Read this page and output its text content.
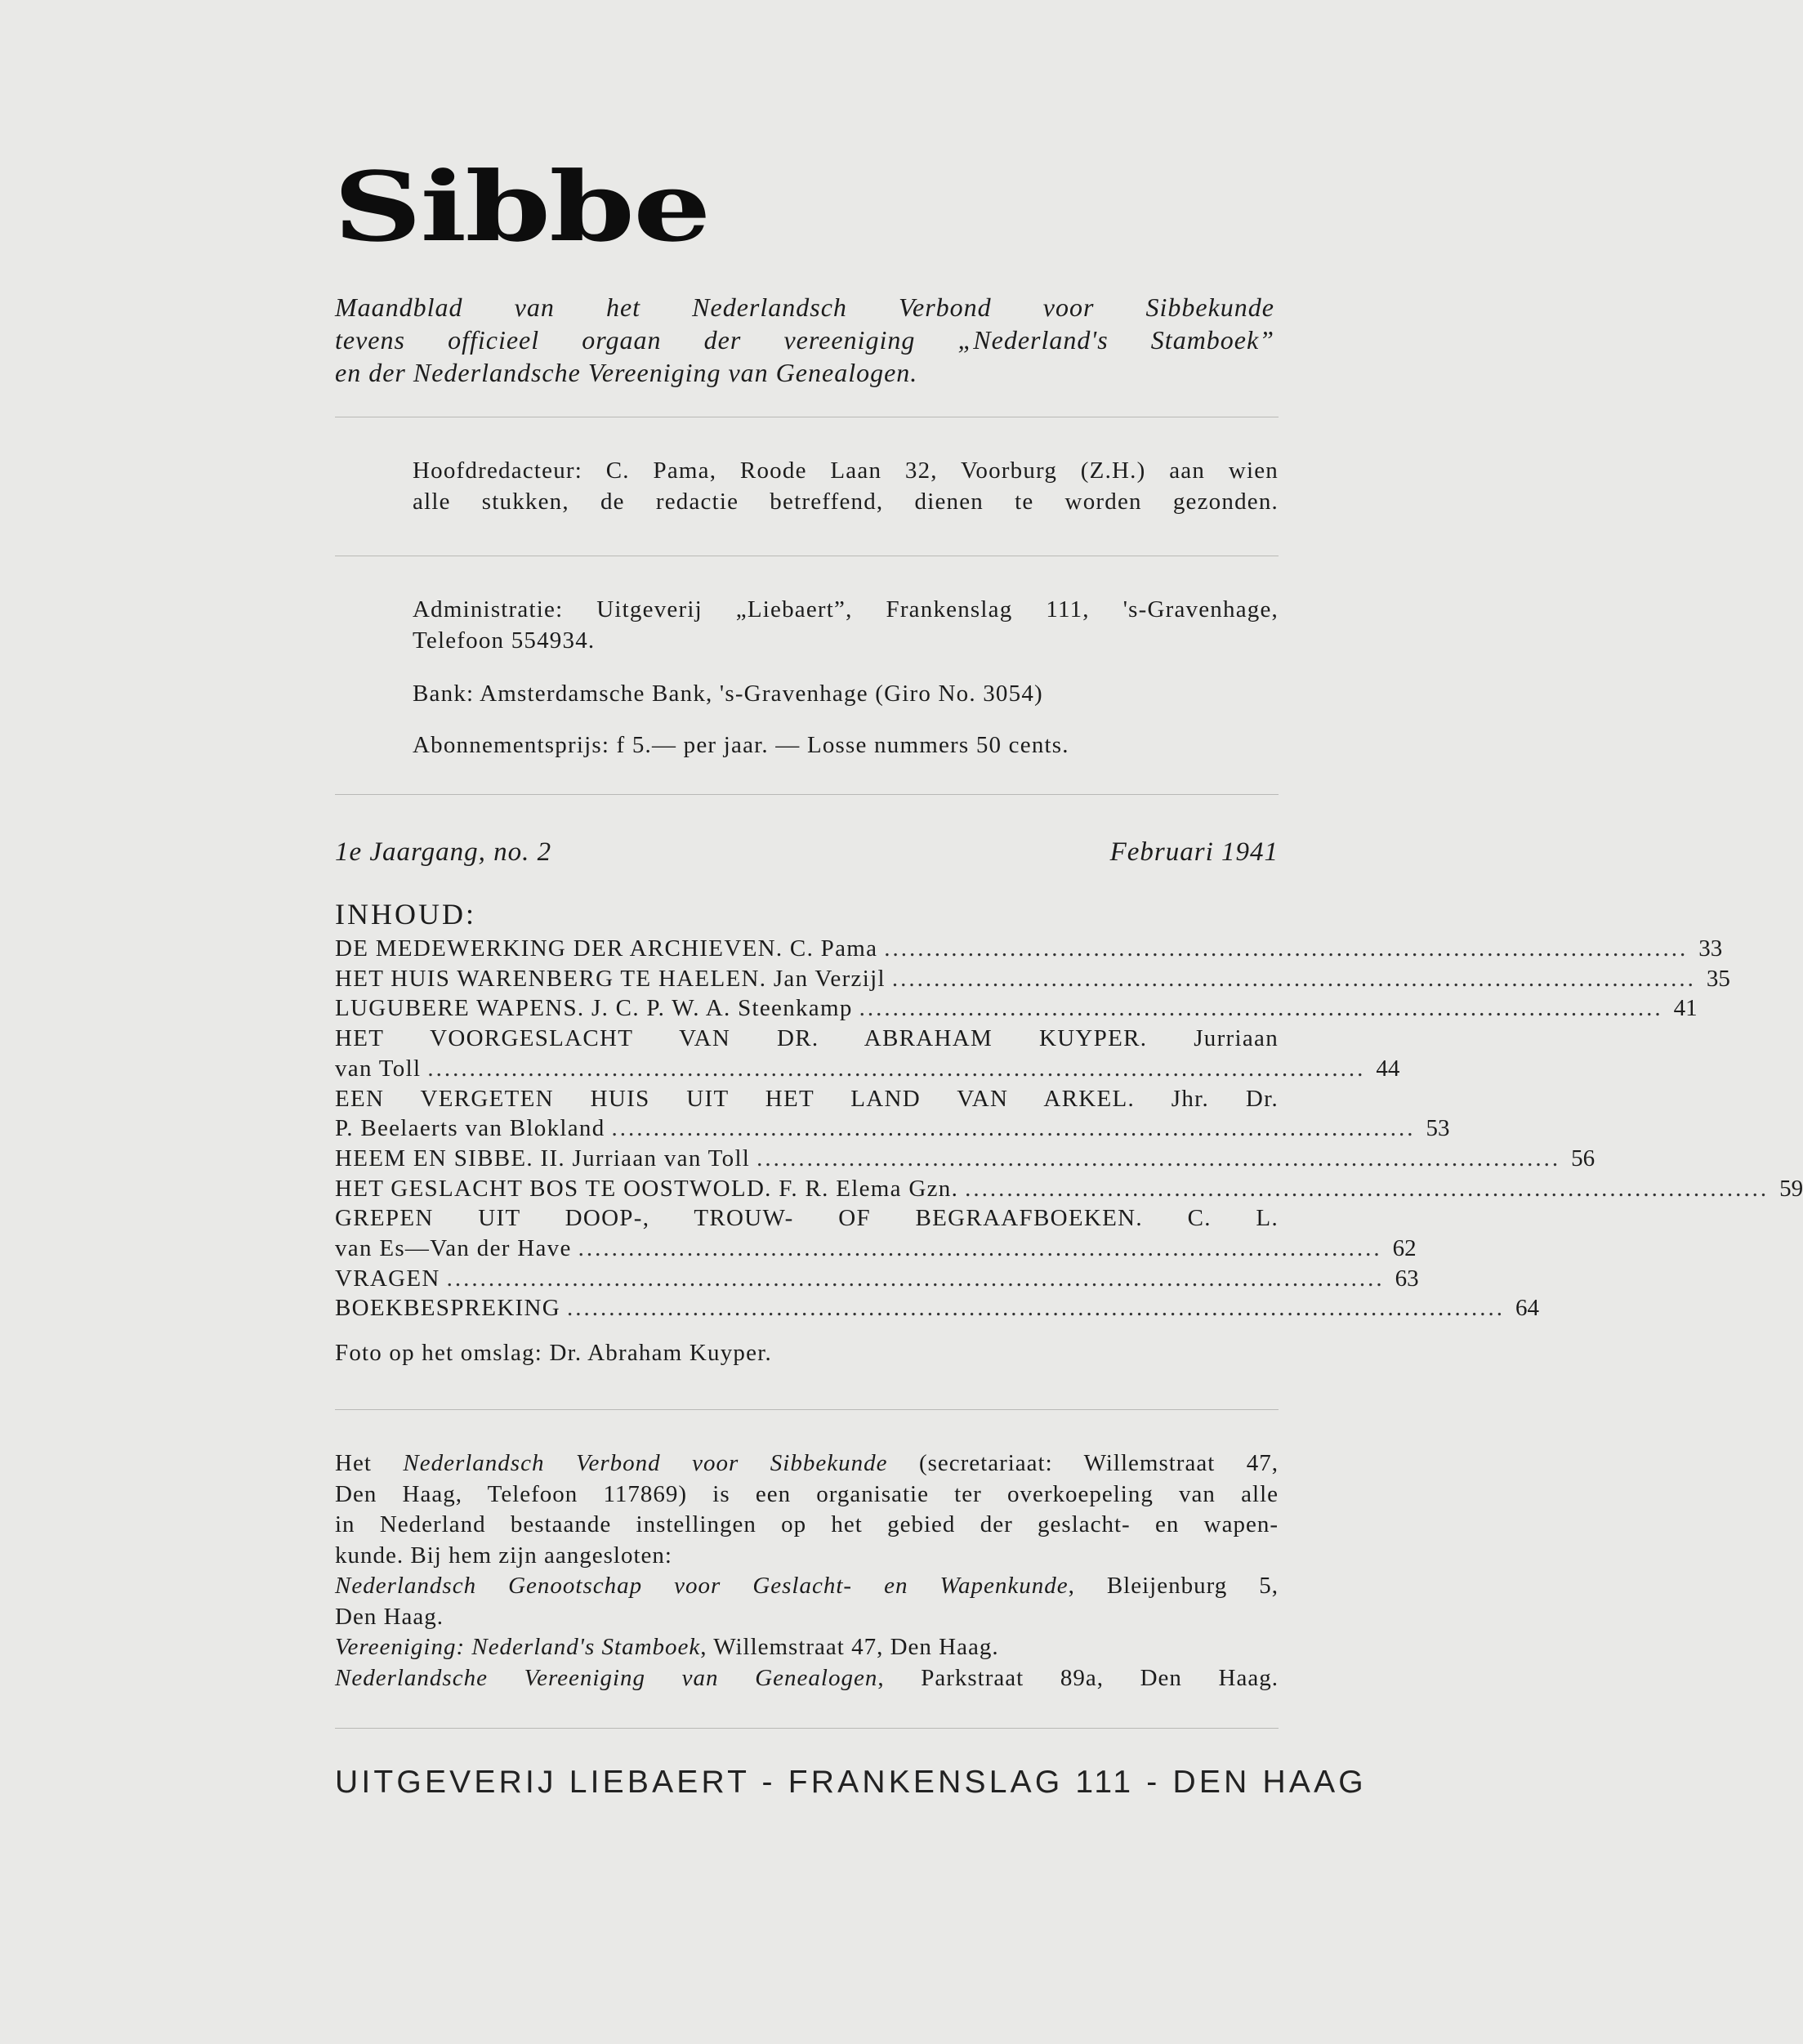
Sibbe
Maandblad van het Nederlandsch Verbond voor Sibbekunde
tevens officieel orgaan der vereeniging „Nederland's Stamboek”
en der Nederlandsche Vereeniging van Genealogen.
Hoofdredacteur: C. Pama, Roode Laan 32, Voorburg (Z.H.) aan wien
alle stukken, de redactie betreffend, dienen te worden gezonden.
Administratie: Uitgeverij „Liebaert”, Frankenslag 111, 's-Gravenhage,
Telefoon 554934.
Bank: Amsterdamsche Bank, 's-Gravenhage (Giro No. 3054)
Abonnementsprijs: f 5.— per jaar. — Losse nummers 50 cents.
1e Jaargang, no. 2	Februari 1941
INHOUD:
DE MEDEWERKING DER ARCHIEVEN. C. Pama ................................................................................................ 33
HET HUIS WARENBERG TE HAELEN. Jan Verzijl ................................................................................................ 35
LUGUBERE WAPENS. J. C. P. W. A. Steenkamp ................................................................................................ 41
HET VOORGESLACHT VAN DR. ABRAHAM KUYPER. Jurriaan
van Toll ................................................................................................................ 44
EEN VERGETEN HUIS UIT HET LAND VAN ARKEL. Jhr. Dr.
P. Beelaerts van Blokland ................................................................................................ 53
HEEM EN SIBBE. II. Jurriaan van Toll ................................................................................................ 56
HET GESLACHT BOS TE OOSTWOLD. F. R. Elema Gzn. ................................................................................................ 59
GREPEN UIT DOOP-, TROUW- OF BEGRAAFBOEKEN. C. L.
van Es—Van der Have ................................................................................................ 62
VRAGEN ................................................................................................................ 63
BOEKBESPREKING ................................................................................................................ 64
Foto op het omslag: Dr. Abraham Kuyper.
Het Nederlandsch Verbond voor Sibbekunde (secretariaat: Willemstraat 47,
Den Haag, Telefoon 117869) is een organisatie ter overkoepeling van alle
in Nederland bestaande instellingen op het gebied der geslacht- en wapen-
kunde. Bij hem zijn aangesloten:
Nederlandsch Genootschap voor Geslacht- en Wapenkunde, Bleijenburg 5,
Den Haag.
Vereeniging: Nederland's Stamboek, Willemstraat 47, Den Haag.
Nederlandsche Vereeniging van Genealogen, Parkstraat 89a, Den Haag.
UITGEVERIJ LIEBAERT - FRANKENSLAG 111 - DEN HAAG
